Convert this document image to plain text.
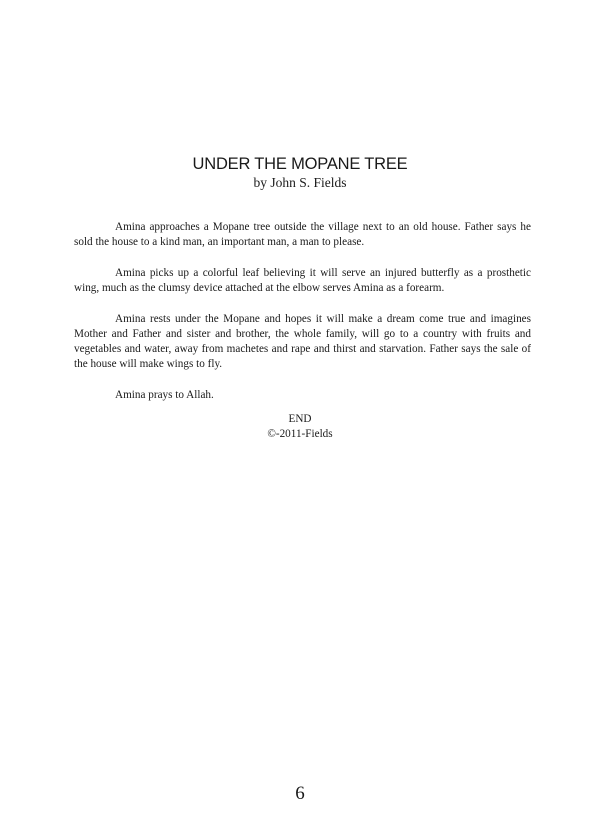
UNDER THE MOPANE TREE
by John S. Fields

Amina approaches a Mopane tree outside the village next to an old house. Father says he sold the house to a kind man, an important man, a man to please.

Amina picks up a colorful leaf believing it will serve an injured butterfly as a prosthetic wing, much as the clumsy device attached at the elbow serves Amina as a forearm.

Amina rests under the Mopane and hopes it will make a dream come true and imagines Mother and Father and sister and brother, the whole family, will go to a country with fruits and vegetables and water, away from machetes and rape and thirst and starvation. Father says the sale of the house will make wings to fly.

Amina prays to Allah.

END
©-2011-Fields
6
